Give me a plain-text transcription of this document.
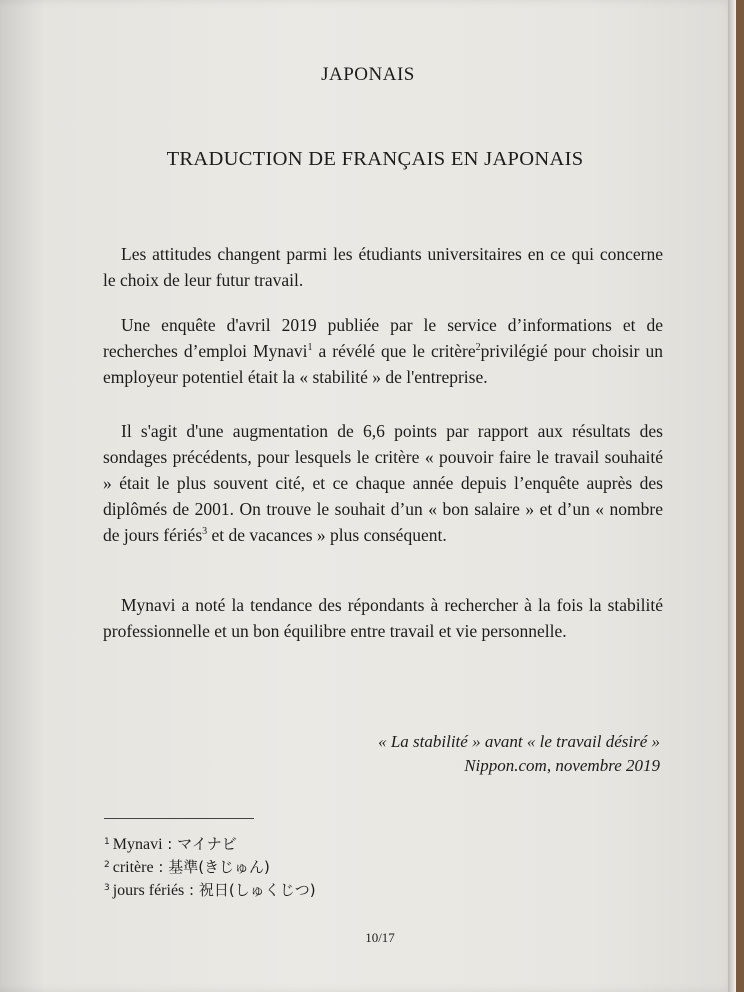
JAPONAIS
TRADUCTION DE FRANÇAIS EN JAPONAIS

Les attitudes changent parmi les étudiants universitaires en ce qui concerne le choix de leur futur travail.

Une enquête d'avril 2019 publiée par le service d’informations et de recherches d’emploi Mynavi$^1$ a révélé que le critère$^2$privilégié pour choisir un employeur potentiel était la « stabilité » de l'entreprise.

Il s'agit d'une augmentation de 6,6 points par rapport aux résultats des sondages précédents, pour lesquels le critère « pouvoir faire le travail souhaité » était le plus souvent cité, et ce chaque année depuis l’enquête auprès des diplômés de 2001. On trouve le souhait d’un « bon salaire » et d’un « nombre de jours fériés$^3$ et de vacances » plus conséquent.

Mynavi a noté la tendance des répondants à rechercher à la fois la stabilité professionnelle et un bon équilibre entre travail et vie personnelle.

« La stabilité » avant « le travail désiré »
Nippon.com, novembre 2019
$^1$ Mynavi : マイナビ
$^2$ critère : 基準(きじゅん)
$^3$ jours fériés : 祝日(しゅくじつ)
10/17
